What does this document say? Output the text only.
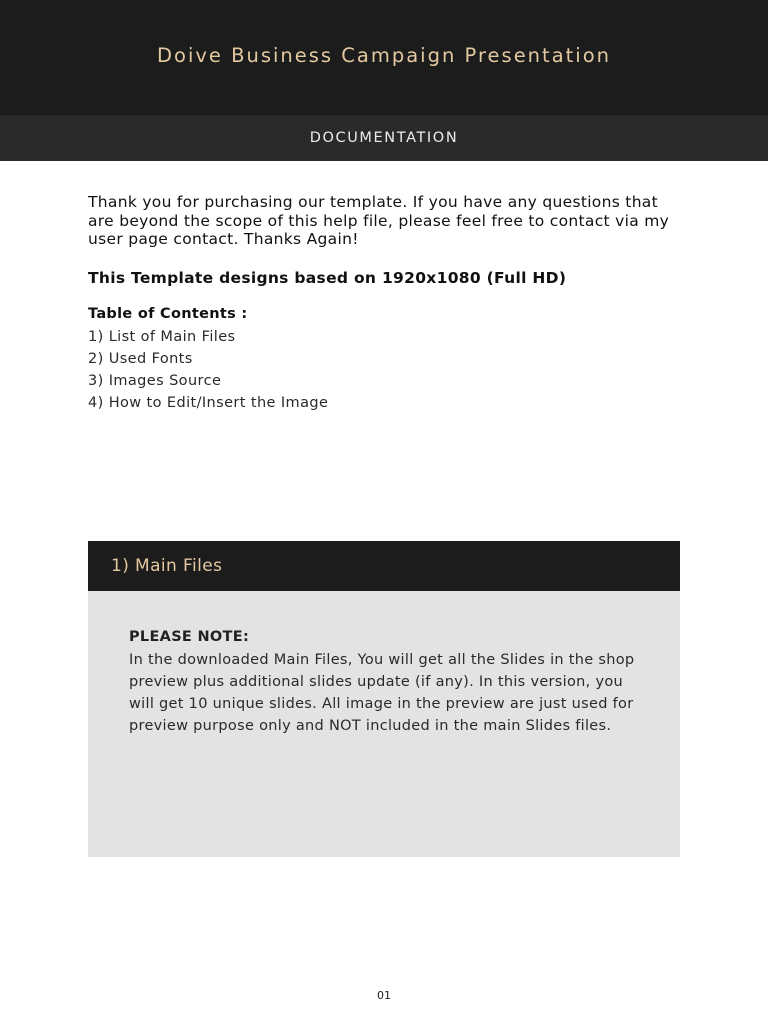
Doive Business Campaign Presentation
DOCUMENTATION

Thank you for purchasing our template. If you have any questions that are beyond the scope of this help file, please feel free to contact via my user page contact. Thanks Again!

This Template designs based on 1920x1080 (Full HD)

Table of Contents :
1) List of Main Files
2) Used Fonts
3) Images Source
4) How to Edit/Insert the Image
1) Main Files
PLEASE NOTE:

In the downloaded Main Files, You will get all the Slides in the shop preview plus additional slides update (if any). In this version, you will get 10 unique slides. All image in the preview are just used for preview purpose only and NOT included in the main Slides files.

01
